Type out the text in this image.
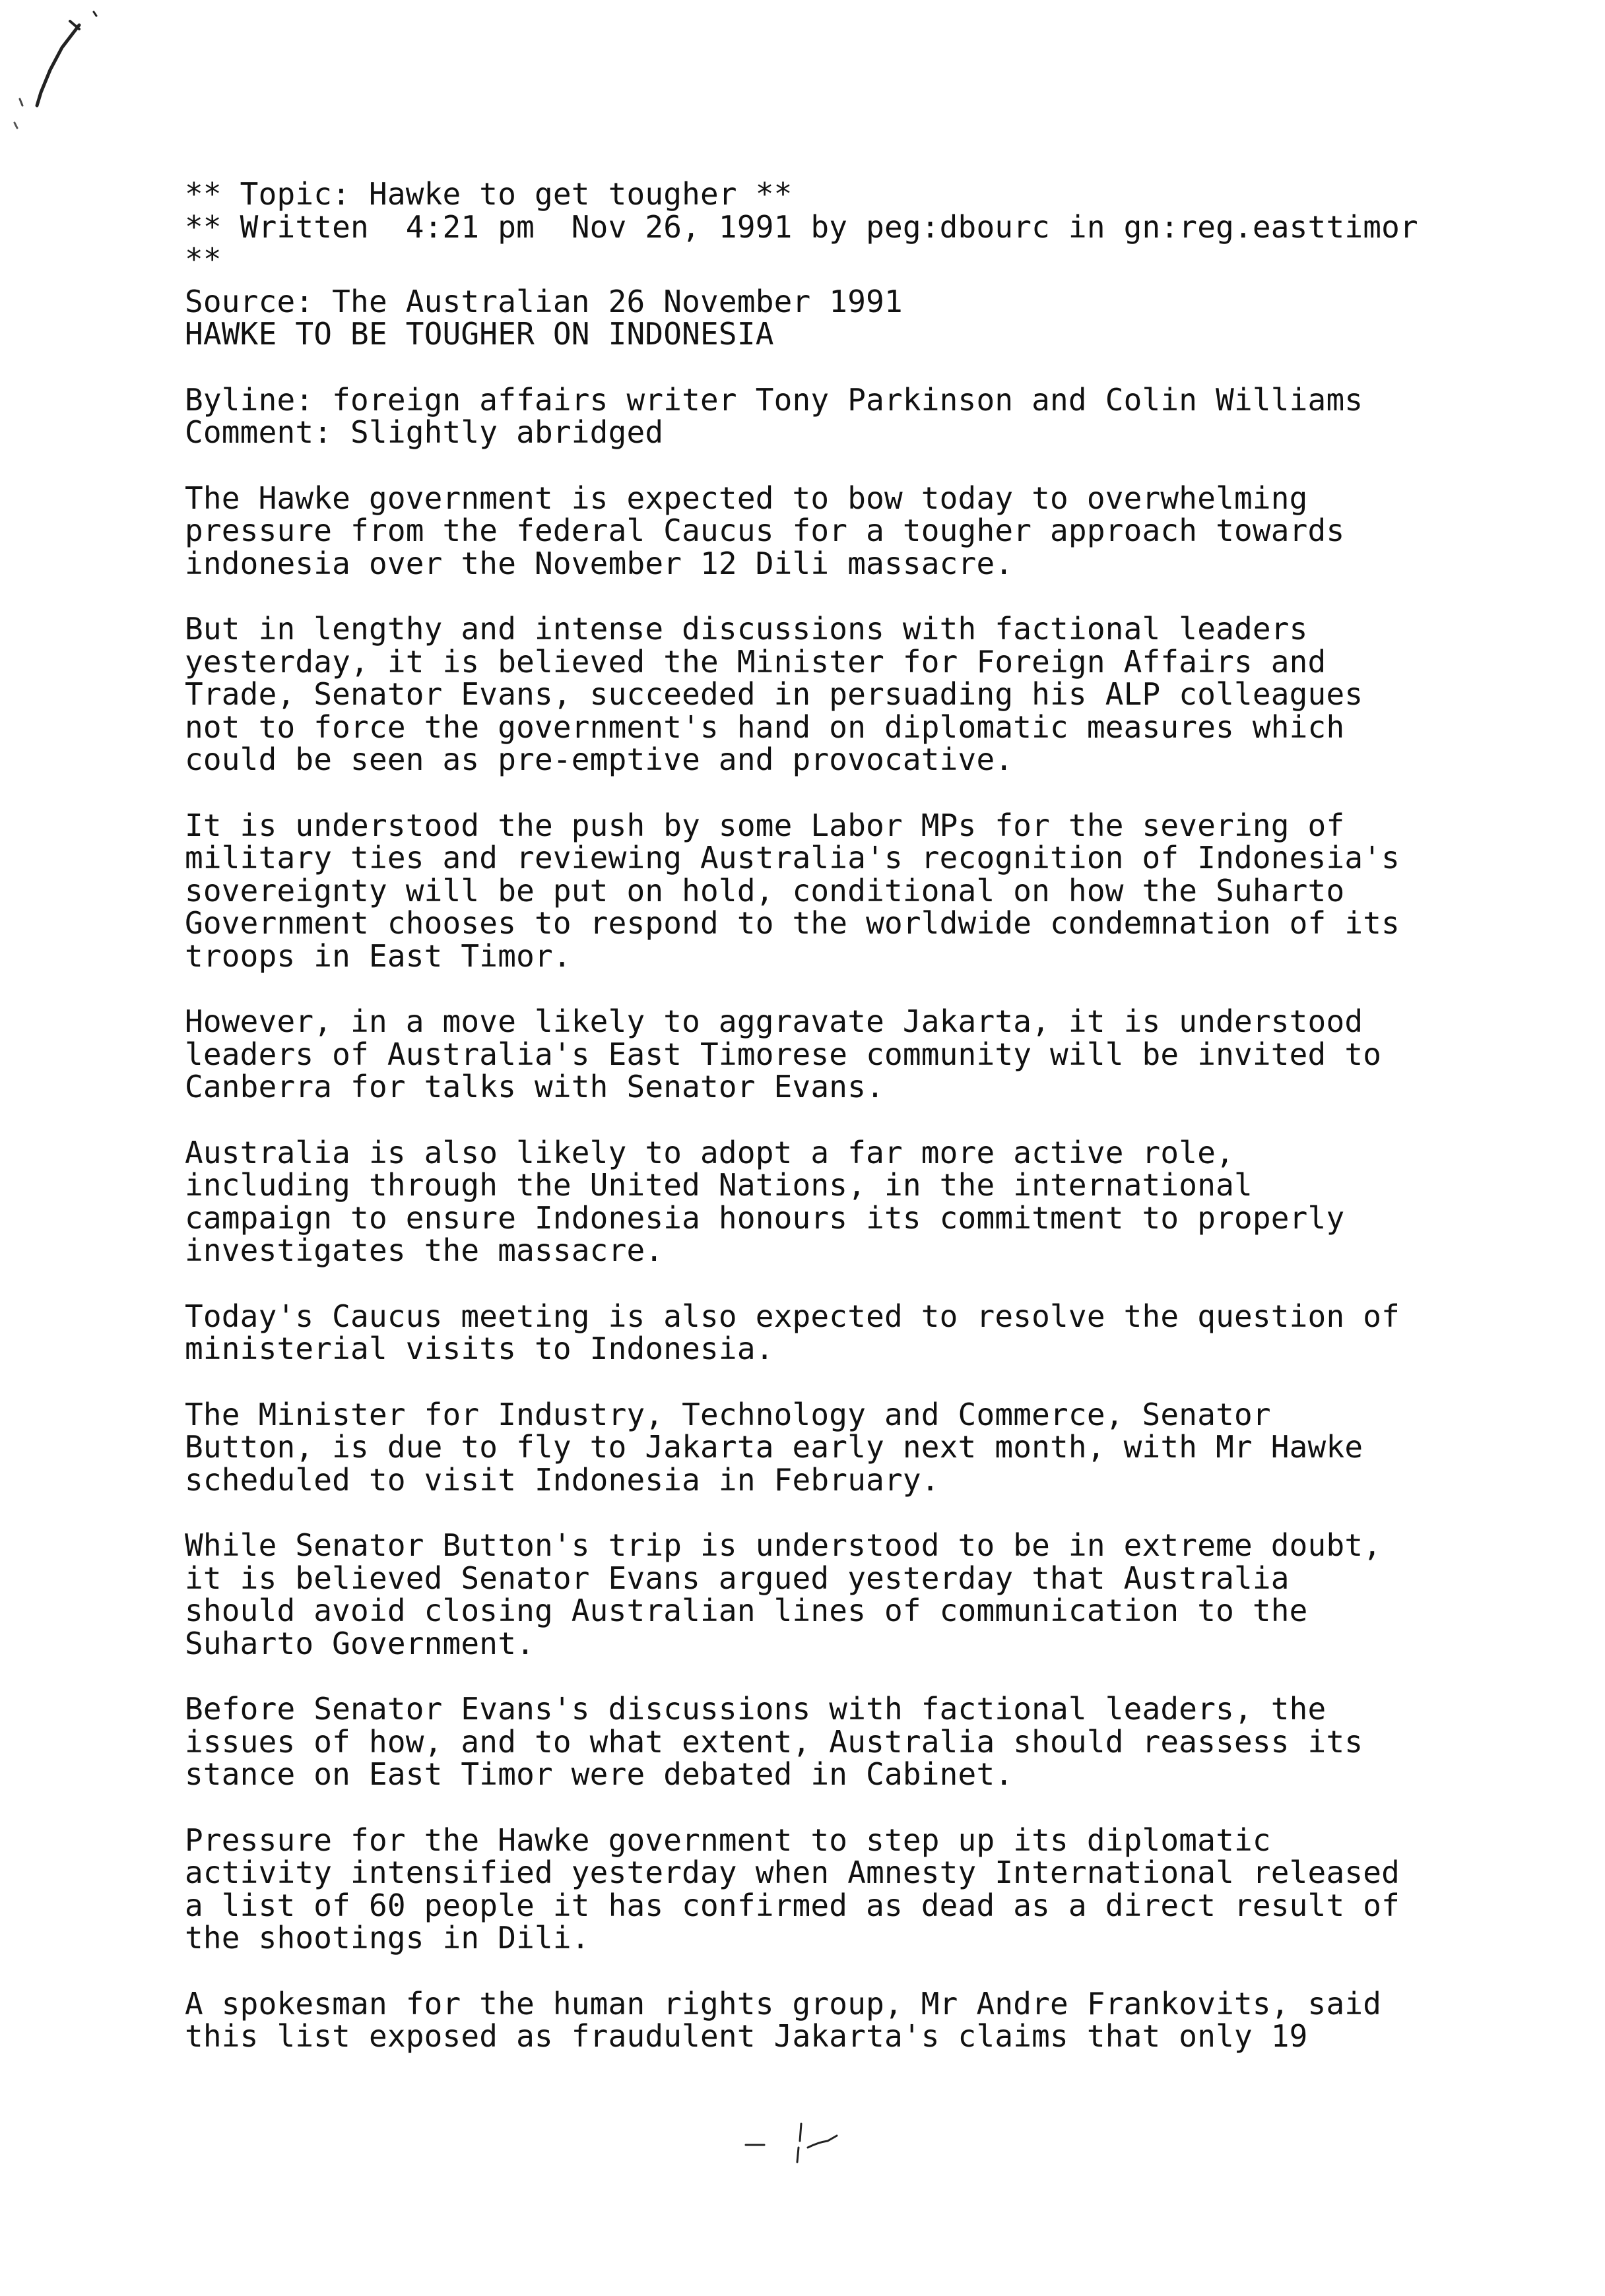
** Topic: Hawke to get tougher **
** Written  4:21 pm  Nov 26, 1991 by peg:dbourc in gn:reg.easttimor
**
Source: The Australian 26 November 1991
HAWKE TO BE TOUGHER ON INDONESIA
Byline: foreign affairs writer Tony Parkinson and Colin Williams
Comment: Slightly abridged
The Hawke government is expected to bow today to overwhelming
pressure from the federal Caucus for a tougher approach towards
indonesia over the November 12 Dili massacre.
But in lengthy and intense discussions with factional leaders
yesterday, it is believed the Minister for Foreign Affairs and
Trade, Senator Evans, succeeded in persuading his ALP colleagues
not to force the government's hand on diplomatic measures which
could be seen as pre-emptive and provocative.
It is understood the push by some Labor MPs for the severing of
military ties and reviewing Australia's recognition of Indonesia's
sovereignty will be put on hold, conditional on how the Suharto
Government chooses to respond to the worldwide condemnation of its
troops in East Timor.
However, in a move likely to aggravate Jakarta, it is understood
leaders of Australia's East Timorese community will be invited to
Canberra for talks with Senator Evans.
Australia is also likely to adopt a far more active role,
including through the United Nations, in the international
campaign to ensure Indonesia honours its commitment to properly
investigates the massacre.
Today's Caucus meeting is also expected to resolve the question of
ministerial visits to Indonesia.
The Minister for Industry, Technology and Commerce, Senator
Button, is due to fly to Jakarta early next month, with Mr Hawke
scheduled to visit Indonesia in February.
While Senator Button's trip is understood to be in extreme doubt,
it is believed Senator Evans argued yesterday that Australia
should avoid closing Australian lines of communication to the
Suharto Government.
Before Senator Evans's discussions with factional leaders, the
issues of how, and to what extent, Australia should reassess its
stance on East Timor were debated in Cabinet.
Pressure for the Hawke government to step up its diplomatic
activity intensified yesterday when Amnesty International released
a list of 60 people it has confirmed as dead as a direct result of
the shootings in Dili.
A spokesman for the human rights group, Mr Andre Frankovits, said
this list exposed as fraudulent Jakarta's claims that only 19
